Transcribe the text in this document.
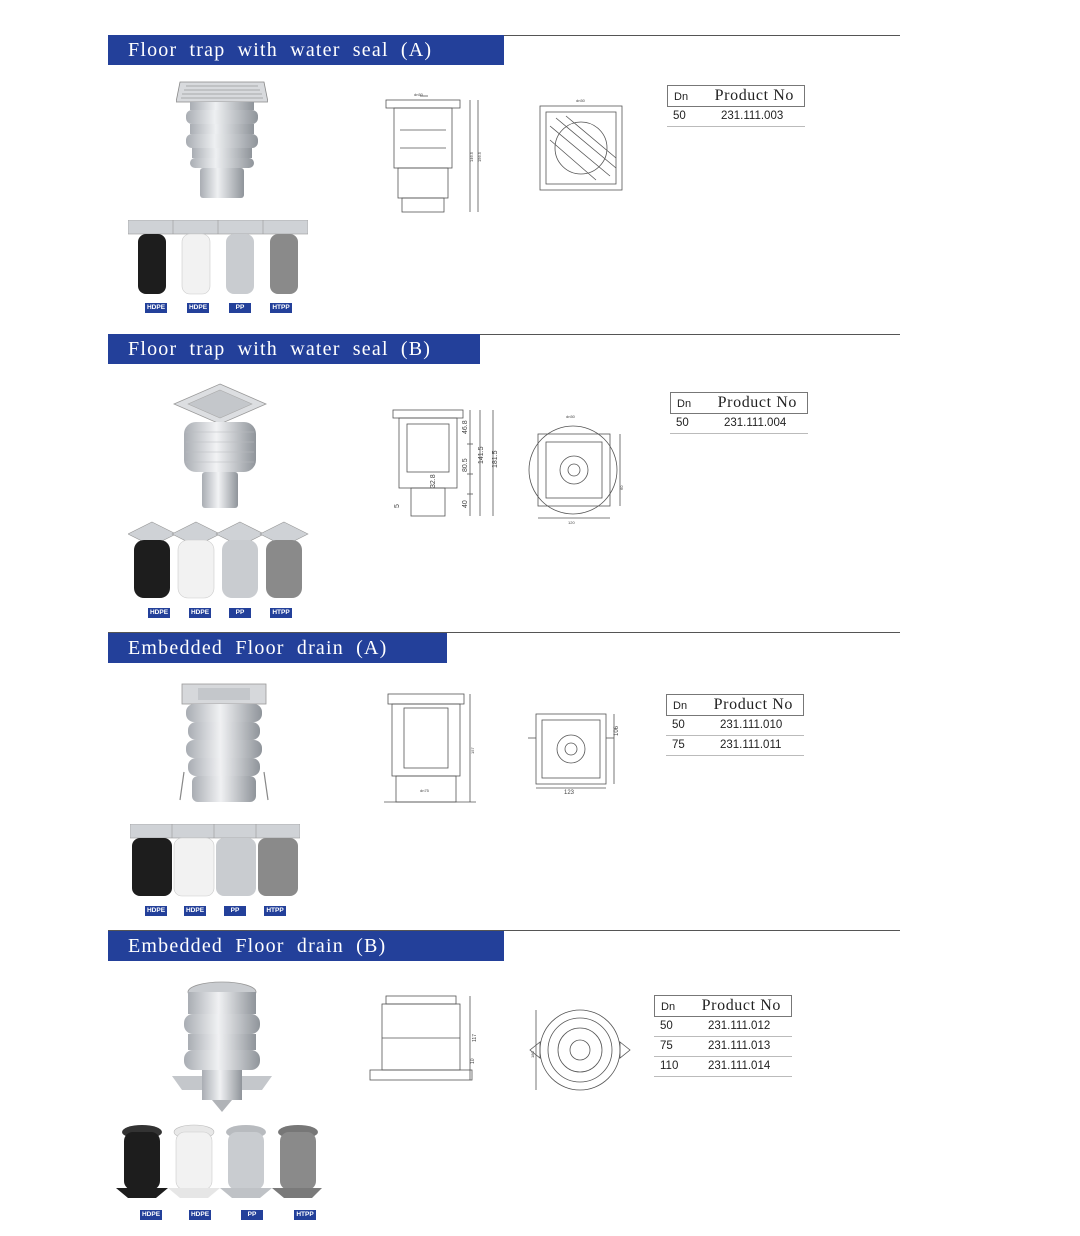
Floor trap with water seal (A)
HDPE	HDPE	PP	HTPP
dn50
146.5 156.5
dn50	Dn Product No
50	231.111.003
Floor trap with water seal (B)
HDPE	HDPE	PP	HTPP
46.8
80.5
32.8
40
5
181.5
141.5
dn50
120
60
Dn Product No
50	231.111.004
Embedded Floor drain (A)
HDPE	HDPE	PP	HTPP
157
dn75
106
123
Dn Product No
50	231.111.010
75	231.111.011
Embedded Floor drain (B)
HDPE	HDPE	PP	HTPP
117
10
180
Dn Product No
50	231.111.012
75	231.111.013
110	231.111.014
